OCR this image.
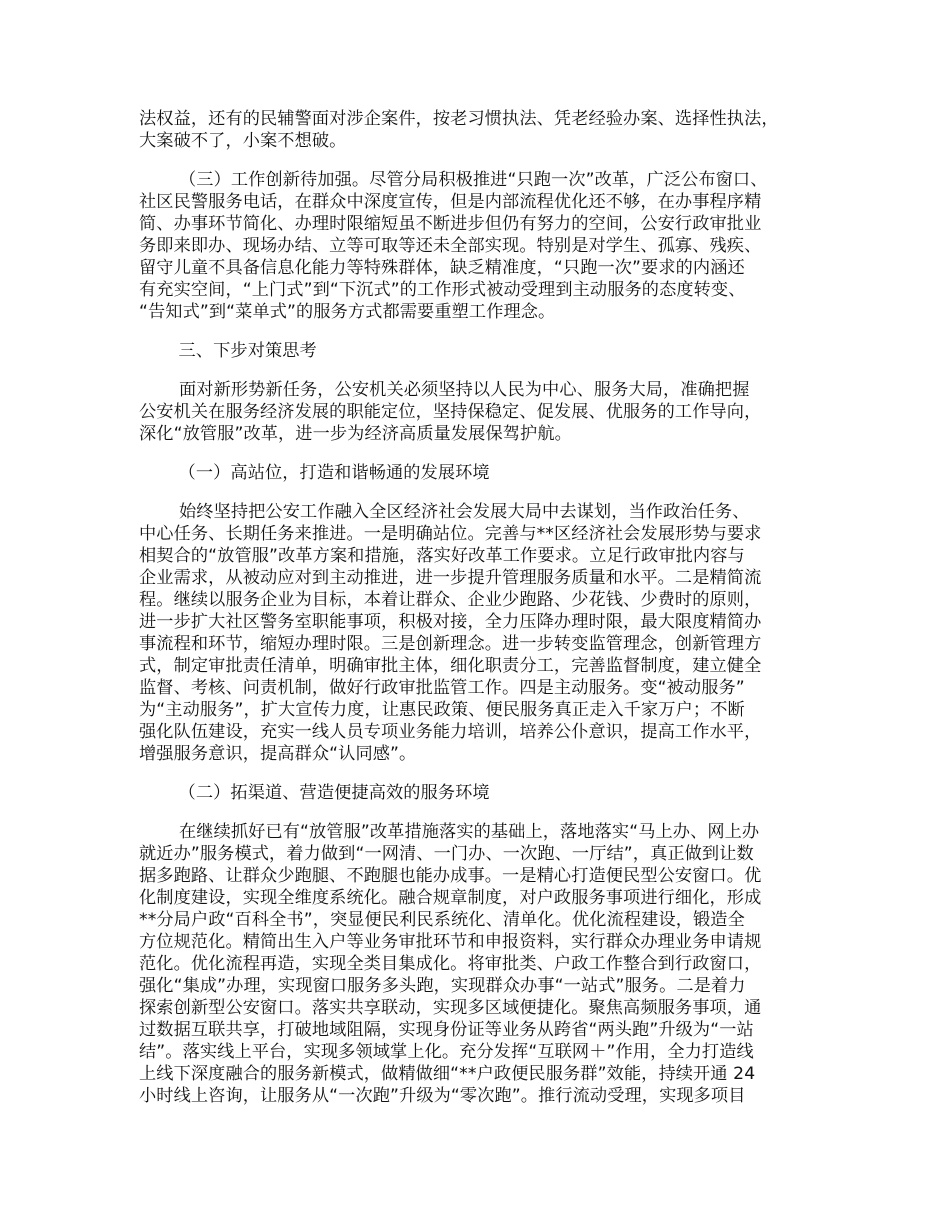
法权益，还有的民辅警面对涉企案件，按老习惯执法、凭老经验办案、选择性执法，
大案破不了，小案不想破。
（三）工作创新待加强。尽管分局积极推进“只跑一次”改革，广泛公布窗口、
社区民警服务电话，在群众中深度宣传，但是内部流程优化还不够，在办事程序精
简、办事环节简化、办理时限缩短虽不断进步但仍有努力的空间，公安行政审批业
务即来即办、现场办结、立等可取等还未全部实现。特别是对学生、孤寡、残疾、
留守儿童不具备信息化能力等特殊群体，缺乏精准度，“只跑一次”要求的内涵还
有充实空间，“上门式”到“下沉式”的工作形式被动受理到主动服务的态度转变、
“告知式”到“菜单式”的服务方式都需要重塑工作理念。
三、下步对策思考
面对新形势新任务，公安机关必须坚持以人民为中心、服务大局，准确把握
公安机关在服务经济发展的职能定位，坚持保稳定、促发展、优服务的工作导向，
深化“放管服”改革，进一步为经济高质量发展保驾护航。
（一）高站位，打造和谐畅通的发展环境
始终坚持把公安工作融入全区经济社会发展大局中去谋划，当作政治任务、
中心任务、长期任务来推进。一是明确站位。完善与**区经济社会发展形势与要求
相契合的“放管服”改革方案和措施，落实好改革工作要求。立足行政审批内容与
企业需求，从被动应对到主动推进，进一步提升管理服务质量和水平。二是精简流
程。继续以服务企业为目标，本着让群众、企业少跑路、少花钱、少费时的原则，
进一步扩大社区警务室职能事项，积极对接，全力压降办理时限，最大限度精简办
事流程和环节，缩短办理时限。三是创新理念。进一步转变监管理念，创新管理方
式，制定审批责任清单，明确审批主体，细化职责分工，完善监督制度，建立健全
监督、考核、问责机制，做好行政审批监管工作。四是主动服务。变“被动服务”
为“主动服务”，扩大宣传力度，让惠民政策、便民服务真正走入千家万户；不断
强化队伍建设，充实一线人员专项业务能力培训，培养公仆意识，提高工作水平，
增强服务意识，提高群众“认同感”。
（二）拓渠道、营造便捷高效的服务环境
在继续抓好已有“放管服”改革措施落实的基础上，落地落实“马上办、网上办
就近办”服务模式，着力做到“一网清、一门办、一次跑、一厅结”，真正做到让数
据多跑路、让群众少跑腿、不跑腿也能办成事。一是精心打造便民型公安窗口。优
化制度建设，实现全维度系统化。融合规章制度，对户政服务事项进行细化，形成
**分局户政“百科全书”，突显便民利民系统化、清单化。优化流程建设，锻造全
方位规范化。精简出生入户等业务审批环节和申报资料，实行群众办理业务申请规
范化。优化流程再造，实现全类目集成化。将审批类、户政工作整合到行政窗口，
强化“集成”办理，实现窗口服务多头跑，实现群众办事“一站式”服务。二是着力
探索创新型公安窗口。落实共享联动，实现多区域便捷化。聚焦高频服务事项，通
过数据互联共享，打破地域阻隔，实现身份证等业务从跨省“两头跑”升级为“一站
结”。落实线上平台，实现多领域掌上化。充分发挥“互联网＋”作用，全力打造线
上线下深度融合的服务新模式，做精做细“**户政便民服务群”效能，持续开通 24
小时线上咨询，让服务从“一次跑”升级为“零次跑”。推行流动受理，实现多项目
